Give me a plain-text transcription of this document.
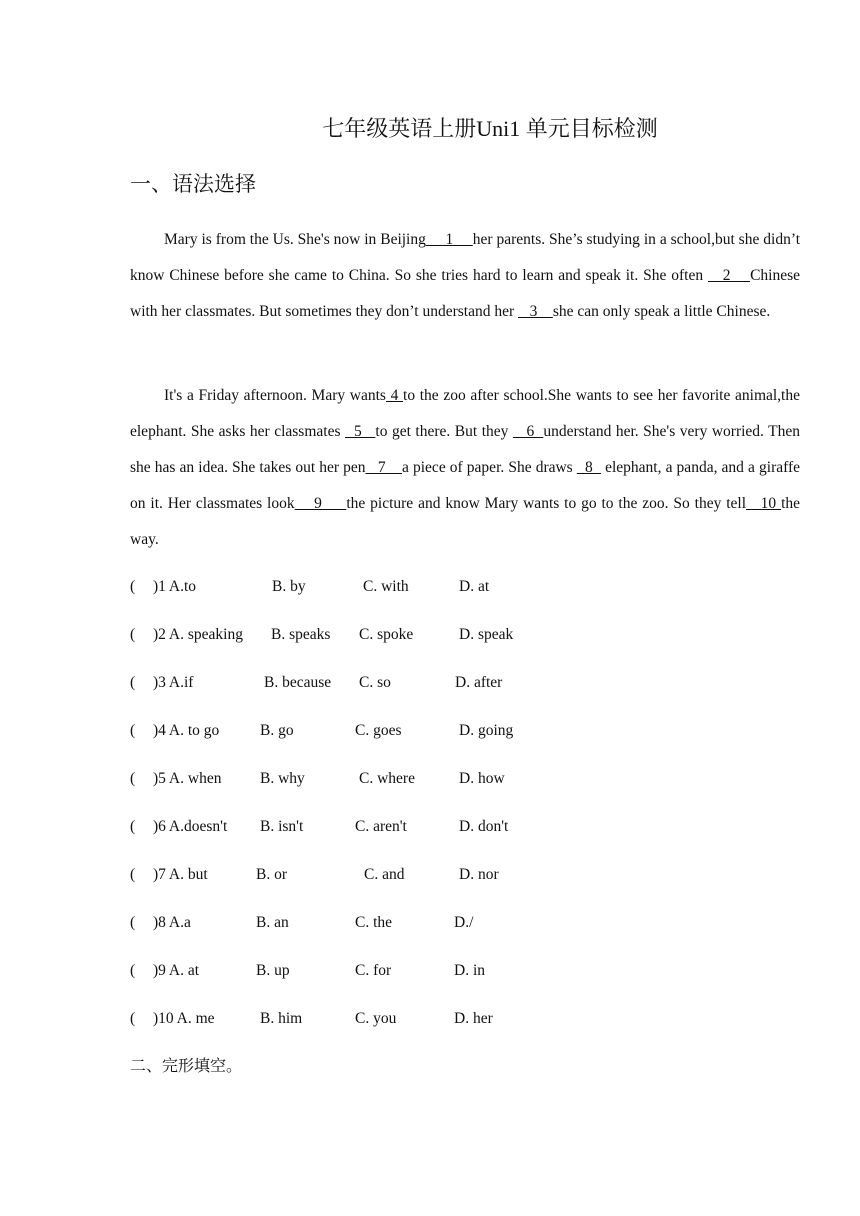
七年级英语上册Uni1 单元目标检测
一、语法选择
Mary is from the Us. She's now in Beijing     1     her parents. She’s studying in a school,but she didn’t know Chinese before she came to China. So she tries hard to learn and speak it. She often    2    Chinese with her classmates. But sometimes they don’t understand her    3    she can only speak a little Chinese.
It's a Friday afternoon. Mary wants 4 to the zoo after school.She wants to see her favorite animal,the elephant. She asks her classmates   5   to get there. But they    6  understand her. She's very worried. Then she has an idea. She takes out her pen   7    a piece of paper. She draws   8   elephant, a panda, and a giraffe on it. Her classmates look    9     the picture and know Mary wants to go to the zoo. So they tell   10 the way.
( )1 A.to	B. by	C. with	D. at
( )2 A. speaking B. speaks C. spoke	D. speak
( )3 A.if	B. because C. so	D. after
( )4 A. to go	B. go	C. goes	D. going
( )5 A. when B. why	C. where	D. how
( )6 A.doesn't B. isn't	C. aren't	D. don't
( )7 A. but	B. or	C. and	D. nor
( )8 A.a	B. an	C. the	D./
( )9 A. at	B. up	C. for	D. in
( )10 A. me	B. him	C. you	D. her
二、完形填空。
